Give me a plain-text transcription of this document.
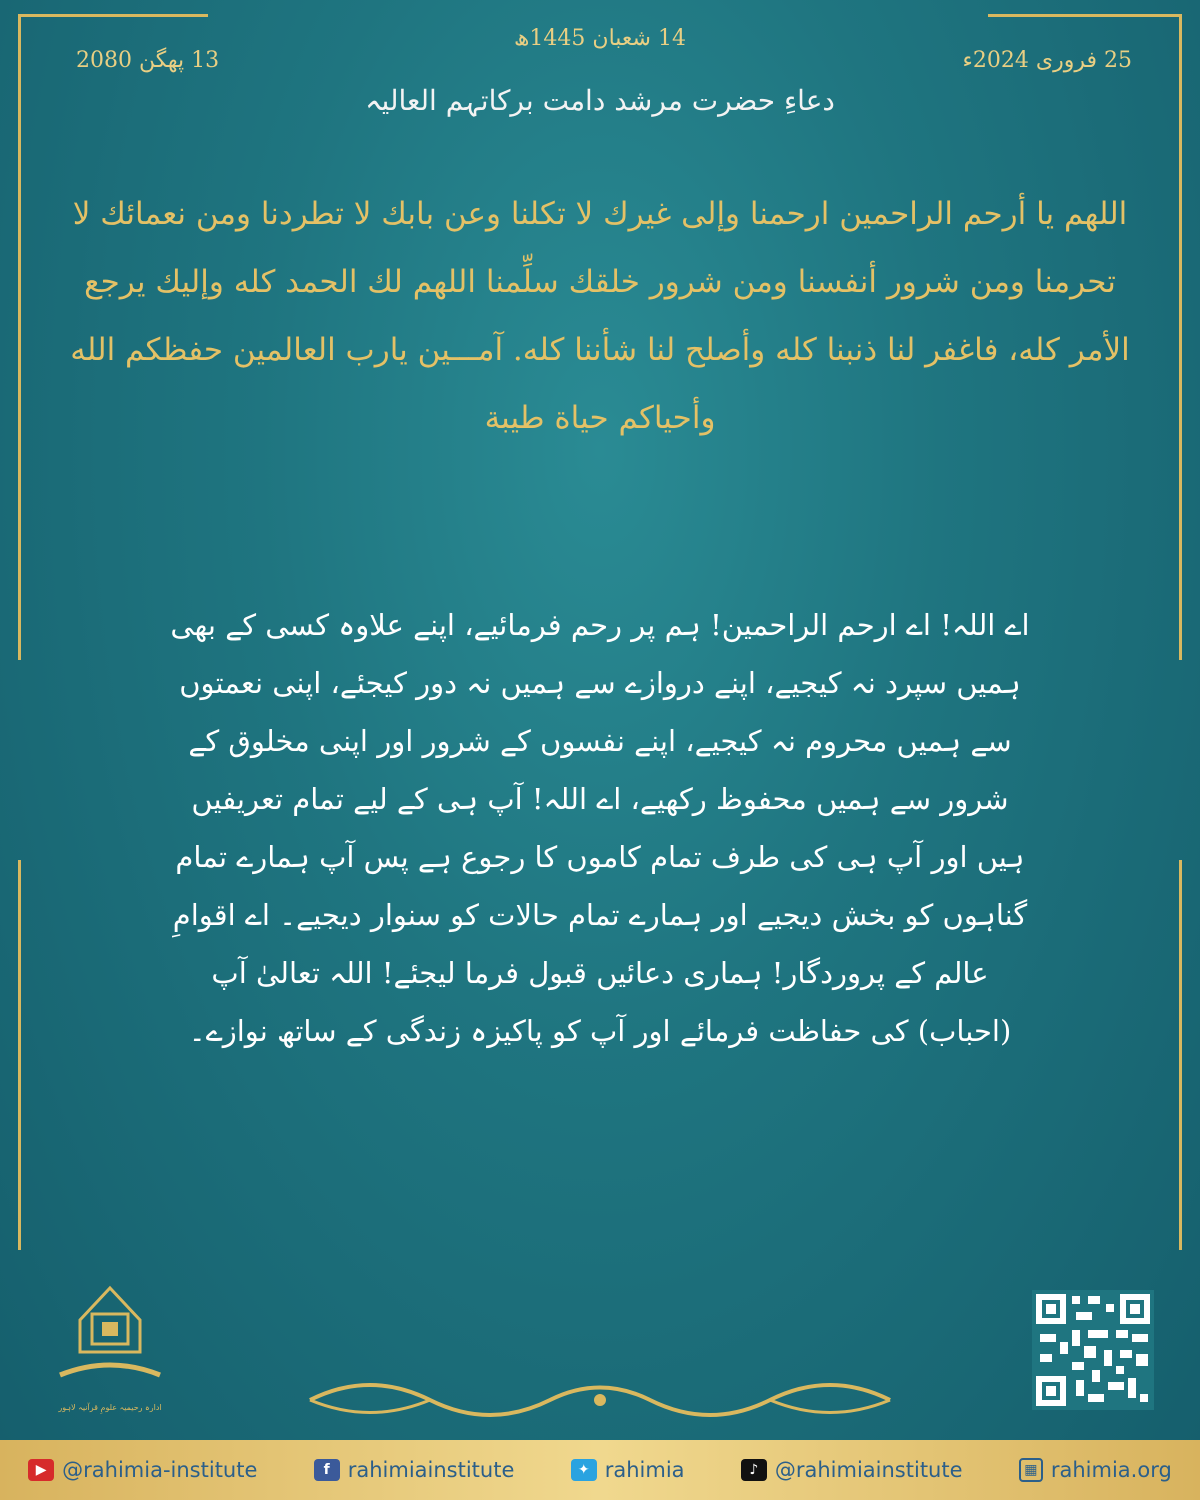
14 شعبان 1445ھ
25 فروری 2024ء
13 پھگن 2080
دعاءِ حضرت مرشد دامت برکاتہم العالیہ
اللهم يا أرحم الراحمين ارحمنا وإلى غيرك لا تكلنا وعن بابك لا تطردنا ومن نعمائك لا تحرمنا ومن شرور أنفسنا ومن شرور خلقك سلِّمنا اللهم لك الحمد كله وإليك يرجع الأمر كله، فاغفر لنا ذنبنا كله وأصلح لنا شأننا كله. آمـــين يارب العالمين حفظكم الله وأحياكم حياة طيبة
اے اللہ! اے ارحم الراحمین! ہم پر رحم فرمائیے، اپنے علاوہ کسی کے بھی ہمیں سپرد نہ کیجیے، اپنے دروازے سے ہمیں نہ دور کیجئے، اپنی نعمتوں سے ہمیں محروم نہ کیجیے، اپنے نفسوں کے شرور اور اپنی مخلوق کے شرور سے ہمیں محفوظ رکھیے، اے اللہ! آپ ہی کے لیے تمام تعریفیں ہیں اور آپ ہی کی طرف تمام کاموں کا رجوع ہے پس آپ ہمارے تمام گناہوں کو بخش دیجیے اور ہمارے تمام حالات کو سنوار دیجیے۔ اے اقوامِ عالم کے پروردگار! ہماری دعائیں قبول فرما لیجئے! اللہ تعالیٰ آپ (احباب) کی حفاظت فرمائے اور آپ کو پاکیزہ زندگی کے ساتھ نوازے۔
ادارہ رحیمیہ علومِ قرآنیہ لاہور
▶ @rahimia-institute	f rahimiainstitute	✦ rahimia	♪ @rahimiainstitute	▦ rahimia.org
